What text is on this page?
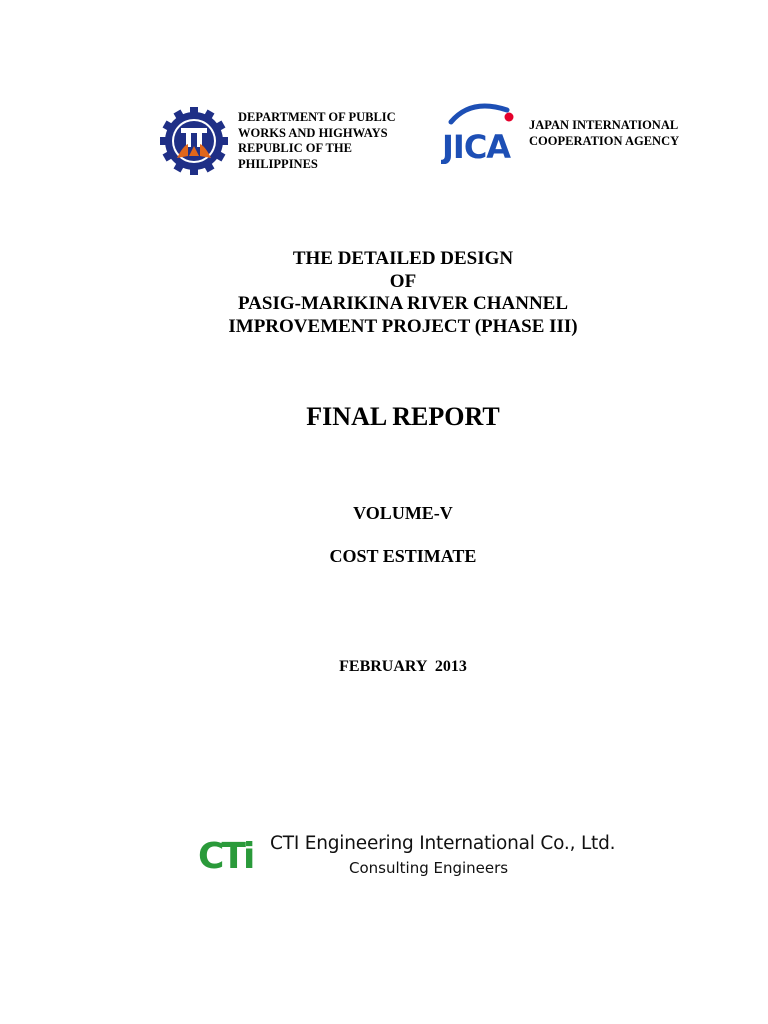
DEPARTMENT OF PUBLIC
WORKS AND HIGHWAYS
REPUBLIC OF THE
PHILIPPINES	JICA
JAPAN INTERNATIONAL
COOPERATION AGENCY
THE DETAILED DESIGN
OF
PASIG-MARIKINA RIVER CHANNEL
IMPROVEMENT PROJECT (PHASE III)
FINAL REPORT
VOLUME-V
COST ESTIMATE
FEBRUARY  2013
CTi CTI Engineering International Co., Ltd.
Consulting Engineers
